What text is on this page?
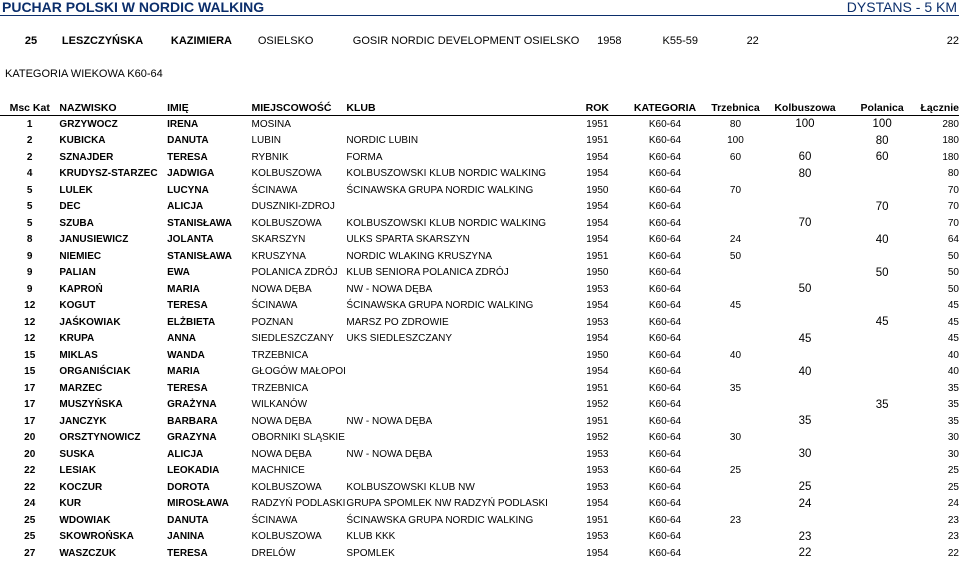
PUCHAR POLSKI W NORDIC WALKING	DYSTANS - 5 KM
25	LESZCZYŃSKA	KAZIMIERA	OSIELSKO	GOSIR NORDIC DEVELOPMENT OSIELSKO	1958	K55-59	22			22
KATEGORIA WIEKOWA K60-64
Msc Kat	NAZWISKO	IMIĘ	MIEJSCOWOŚĆ	KLUB	ROK	KATEGORIA	Trzebnica	Kolbuszowa	Polanica	Łącznie
1	GRZYWOCZ	IRENA	MOSINA		1951	K60-64	80	100	100	280
2	KUBICKA	DANUTA	LUBIN	NORDIC LUBIN	1951	K60-64	100		80	180
2	SZNAJDER	TERESA	RYBNIK	FORMA	1954	K60-64	60	60	60	180
4	KRUDYSZ-STARZEC	JADWIGA	KOLBUSZOWA	KOLBUSZOWSKI KLUB NORDIC WALKING	1954	K60-64		80		80
5	LULEK	LUCYNA	ŚCINAWA	ŚCINAWSKA GRUPA NORDIC WALKING	1950	K60-64	70			70
5	DEC	ALICJA	DUSZNIKI-ZDROJ		1954	K60-64			70	70
5	SZUBA	STANISŁAWA	KOLBUSZOWA	KOLBUSZOWSKI KLUB NORDIC WALKING	1954	K60-64		70		70
8	JANUSIEWICZ	JOLANTA	SKARSZYN	ULKS SPARTA SKARSZYN	1954	K60-64	24		40	64
9	NIEMIEC	STANISŁAWA	KRUSZYNA	NORDIC WLAKING KRUSZYNA	1951	K60-64	50			50
9	PALIAN	EWA	POLANICA ZDRÓJ	KLUB SENIORA POLANICA ZDRÓJ	1950	K60-64			50	50
9	KAPROŃ	MARIA	NOWA DĘBA	NW - NOWA DĘBA	1953	K60-64		50		50
12	KOGUT	TERESA	ŚCINAWA	ŚCINAWSKA GRUPA NORDIC WALKING	1954	K60-64	45			45
12	JAŚKOWIAK	ELŻBIETA	POZNAN	MARSZ PO ZDROWIE	1953	K60-64			45	45
12	KRUPA	ANNA	SIEDLESZCZANY	UKS SIEDLESZCZANY	1954	K60-64		45		45
15	MIKLAS	WANDA	TRZEBNICA		1950	K60-64	40			40
15	ORGANIŚCIAK	MARIA	GŁOGÓW MAŁOPOI		1954	K60-64		40		40
17	MARZEC	TERESA	TRZEBNICA		1951	K60-64	35			35
17	MUSZYŃSKA	GRAŻYNA	WILKANÓW		1952	K60-64			35	35
17	JANCZYK	BARBARA	NOWA DĘBA	NW - NOWA DĘBA	1951	K60-64		35		35
20	ORSZTYNOWICZ	GRAZYNA	OBORNIKI SLĄSKIE		1952	K60-64	30			30
20	SUSKA	ALICJA	NOWA DĘBA	NW - NOWA DĘBA	1953	K60-64		30		30
22	LESIAK	LEOKADIA	MACHNICE		1953	K60-64	25			25
22	KOCZUR	DOROTA	KOLBUSZOWA	KOLBUSZOWSKI KLUB NW	1953	K60-64		25		25
24	KUR	MIROSŁAWA	RADZYŃ PODLASKI	GRUPA SPOMLEK NW RADZYŃ PODLASKI	1954	K60-64		24		24
25	WDOWIAK	DANUTA	ŚCINAWA	ŚCINAWSKA GRUPA NORDIC WALKING	1951	K60-64	23			23
25	SKOWROŃSKA	JANINA	KOLBUSZOWA	KLUB KKK	1953	K60-64		23		23
27	WASZCZUK	TERESA	DRELÓW	SPOMLEK	1954	K60-64		22		22
